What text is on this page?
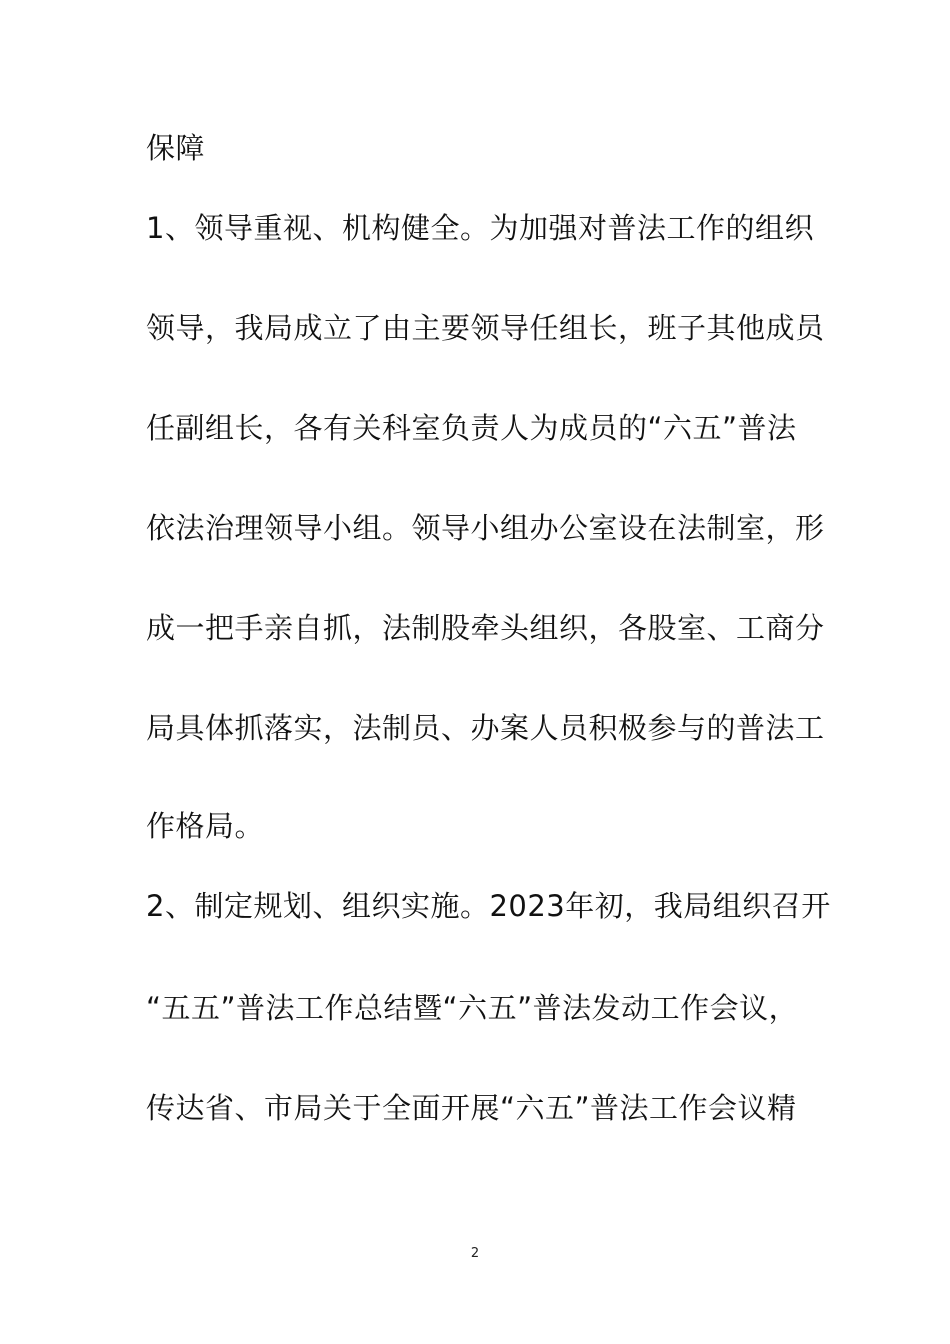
保障
1、领导重视、机构健全。为加强对普法工作的组织
领导，我局成立了由主要领导任组长，班子其他成员
任副组长，各有关科室负责人为成员的“六五”普法
依法治理领导小组。领导小组办公室设在法制室，形
成一把手亲自抓，法制股牵头组织，各股室、工商分
局具体抓落实，法制员、办案人员积极参与的普法工
作格局。
2、制定规划、组织实施。2023年初，我局组织召开
“五五”普法工作总结暨“六五”普法发动工作会议，
传达省、市局关于全面开展“六五”普法工作会议精
2
